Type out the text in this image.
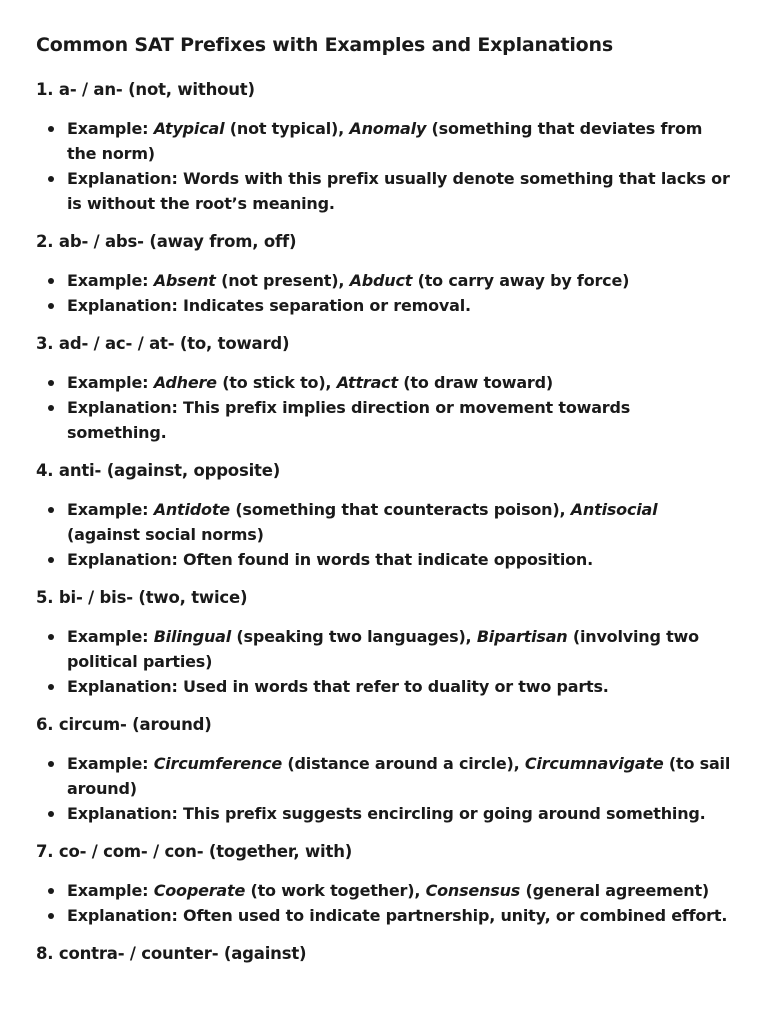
Common SAT Prefixes with Examples and Explanations
1. a- / an- (not, without)
Example: Atypical (not typical), Anomaly (something that deviates from the norm)
Explanation: Words with this prefix usually denote something that lacks or is without the root’s meaning.
2. ab- / abs- (away from, off)
Example: Absent (not present), Abduct (to carry away by force)
Explanation: Indicates separation or removal.
3. ad- / ac- / at- (to, toward)
Example: Adhere (to stick to), Attract (to draw toward)
Explanation: This prefix implies direction or movement towards something.
4. anti- (against, opposite)
Example: Antidote (something that counteracts poison), Antisocial (against social norms)
Explanation: Often found in words that indicate opposition.
5. bi- / bis- (two, twice)
Example: Bilingual (speaking two languages), Bipartisan (involving two political parties)
Explanation: Used in words that refer to duality or two parts.
6. circum- (around)
Example: Circumference (distance around a circle), Circumnavigate (to sail around)
Explanation: This prefix suggests encircling or going around something.
7. co- / com- / con- (together, with)
Example: Cooperate (to work together), Consensus (general agreement)
Explanation: Often used to indicate partnership, unity, or combined effort.
8. contra- / counter- (against)
